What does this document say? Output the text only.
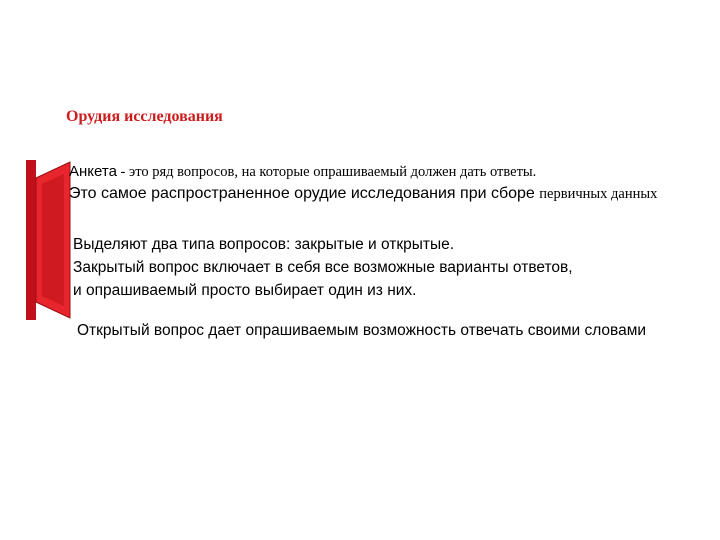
Орудия исследования
Анкета - это ряд вопросов, на которые опрашиваемый должен дать ответы.
Это самое распространенное орудие исследования при сборе первичных данных
Выделяют два типа вопросов: закрытые и открытые.
Закрытый вопрос включает в себя все возможные варианты ответов,
и опрашиваемый просто выбирает один из них.
Открытый вопрос дает опрашиваемым возможность отвечать своими словами
